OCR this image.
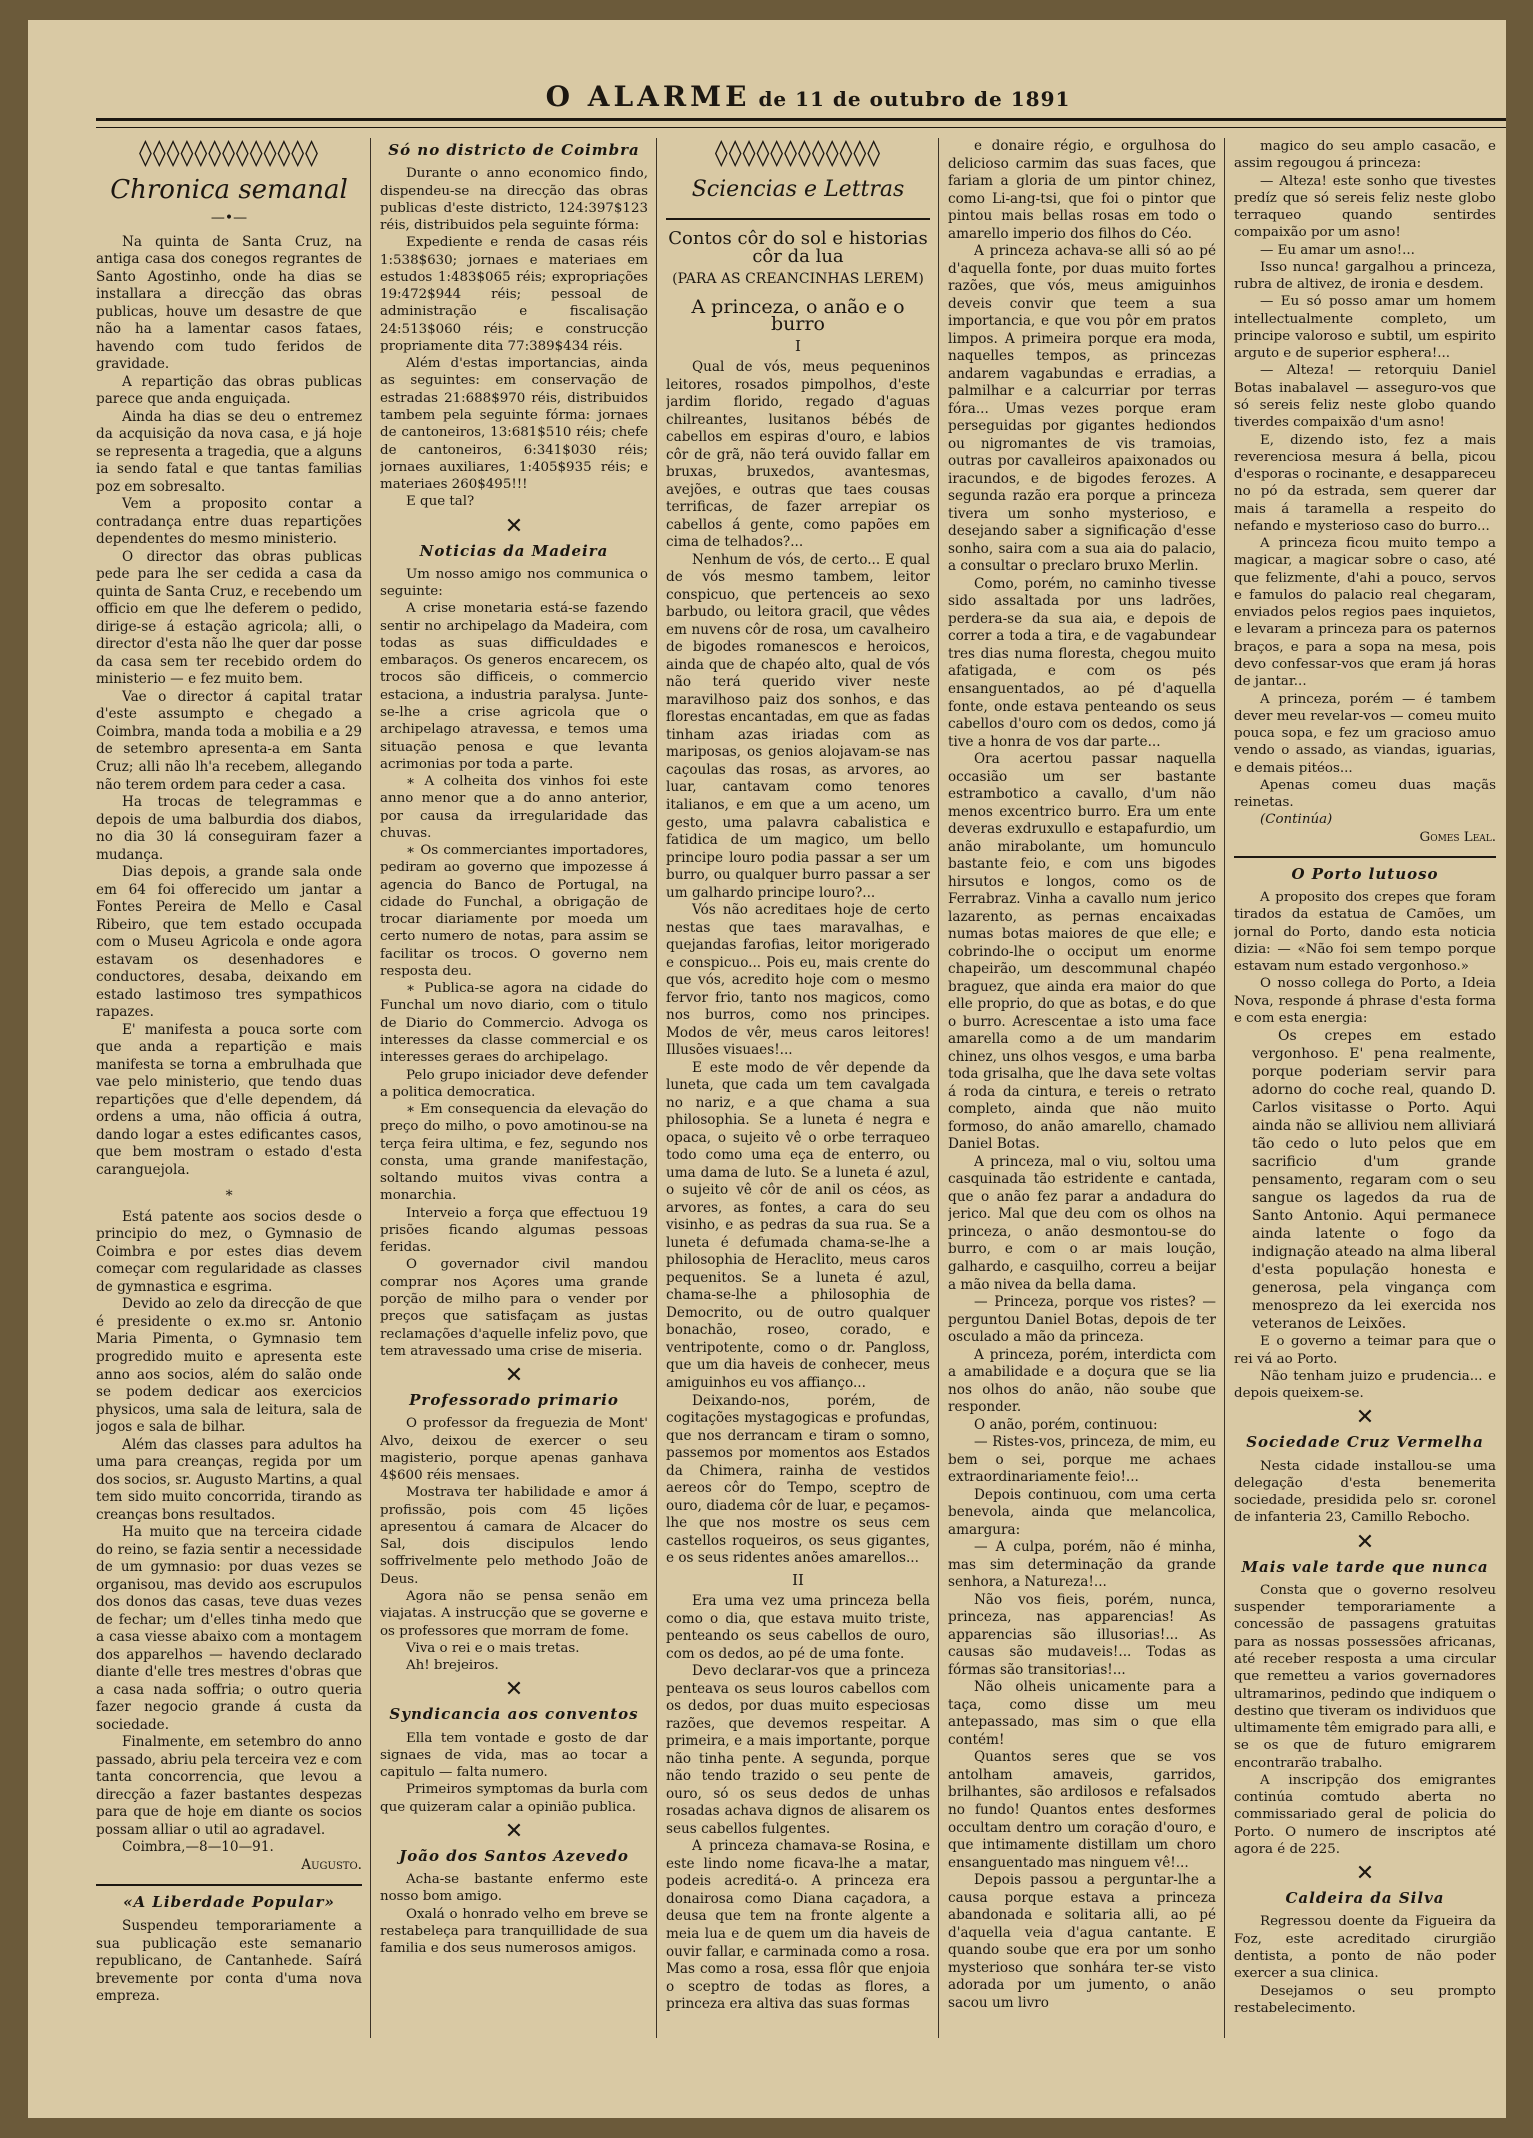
O ALARME de 11 de outubro de 1891
◊◊◊◊◊◊◊◊◊◊◊◊◊
Chronica semanal
—•—

Na quinta de Santa Cruz, na antiga casa dos conegos regrantes de Santo Agostinho, onde ha dias se installara a direcção das obras publicas, houve um desastre de que não ha a lamentar casos fataes, havendo com tudo feridos de gravidade.

A repartição das obras publicas parece que anda enguiçada.

Ainda ha dias se deu o entremez da acquisição da nova casa, e já hoje se representa a tragedia, que a alguns ia sendo fatal e que tantas familias poz em sobresalto.

Vem a proposito contar a contradança entre duas repartições dependentes do mesmo ministerio.

O director das obras publicas pede para lhe ser cedida a casa da quinta de Santa Cruz, e recebendo um officio em que lhe deferem o pedido, dirige-se á estação agricola; alli, o director d'esta não lhe quer dar posse da casa sem ter recebido ordem do ministerio — e fez muito bem.

Vae o director á capital tratar d'este assumpto e chegado a Coimbra, manda toda a mobilia e a 29 de setembro apresenta-a em Santa Cruz; alli não lh'a recebem, allegando não terem ordem para ceder a casa.

Ha trocas de telegrammas e depois de uma balburdia dos diabos, no dia 30 lá conseguiram fazer a mudança.

Dias depois, a grande sala onde em 64 foi offerecido um jantar a Fontes Pereira de Mello e Casal Ribeiro, que tem estado occupada com o Museu Agricola e onde agora estavam os desenhadores e conductores, desaba, deixando em estado lastimoso tres sympathicos rapazes.

E' manifesta a pouca sorte com que anda a repartição e mais manifesta se torna a embrulhada que vae pelo ministerio, que tendo duas repartições que d'elle dependem, dá ordens a uma, não officia á outra, dando logar a estes edificantes casos, que bem mostram o estado d'esta caranguejola.

∗

Está patente aos socios desde o principio do mez, o Gymnasio de Coimbra e por estes dias devem começar com regularidade as classes de gymnastica e esgrima.

Devido ao zelo da direcção de que é presidente o ex.mo sr. Antonio Maria Pimenta, o Gymnasio tem progredido muito e apresenta este anno aos socios, além do salão onde se podem dedicar aos exercicios physicos, uma sala de leitura, sala de jogos e sala de bilhar.

Além das classes para adultos ha uma para creanças, regida por um dos socios, sr. Augusto Martins, a qual tem sido muito concorrida, tirando as creanças bons resultados.

Ha muito que na terceira cidade do reino, se fazia sentir a necessidade de um gymnasio: por duas vezes se organisou, mas devido aos escrupulos dos donos das casas, teve duas vezes de fechar; um d'elles tinha medo que a casa viesse abaixo com a montagem dos apparelhos — havendo declarado diante d'elle tres mestres d'obras que a casa nada soffria; o outro queria fazer negocio grande á custa da sociedade.

Finalmente, em setembro do anno passado, abriu pela terceira vez e com tanta concorrencia, que levou a direcção a fazer bastantes despezas para que de hoje em diante os socios possam alliar o util ao agradavel.

Coimbra,—8—10—91.

Augusto.

«A Liberdade Popular»

Suspendeu temporariamente a sua publicação este semanario republicano, de Cantanhede. Saírá brevemente por conta d'uma nova empreza.

Só no districto de Coimbra

Durante o anno economico findo, dispendeu-se na direcção das obras publicas d'este districto, 124:397$123 réis, distribuidos pela seguinte fórma:

Expediente e renda de casas réis 1:538$630; jornaes e materiaes em estudos 1:483$065 réis; expropriações 19:472$944 réis; pessoal de administração e fiscalisação 24:513$060 réis; e construcção propriamente dita 77:389$434 réis.

Além d'estas importancias, ainda as seguintes: em conservação de estradas 21:688$970 réis, distribuidos tambem pela seguinte fórma: jornaes de cantoneiros, 13:681$510 réis; chefe de cantoneiros, 6:341$030 réis; jornaes auxiliares, 1:405$935 réis; e materiaes 260$495!!!

E que tal?

✕
Noticias da Madeira

Um nosso amigo nos communica o seguinte:

A crise monetaria está-se fazendo sentir no archipelago da Madeira, com todas as suas difficuldades e embaraços. Os generos encarecem, os trocos são difficeis, o commercio estaciona, a industria paralysa. Junte-se-lhe a crise agricola que o archipelago atravessa, e temos uma situação penosa e que levanta acrimonias por toda a parte.

∗ A colheita dos vinhos foi este anno menor que a do anno anterior, por causa da irregularidade das chuvas.

∗ Os commerciantes importadores, pediram ao governo que impozesse á agencia do Banco de Portugal, na cidade do Funchal, a obrigação de trocar diariamente por moeda um certo numero de notas, para assim se facilitar os trocos. O governo nem resposta deu.

∗ Publica-se agora na cidade do Funchal um novo diario, com o titulo de Diario do Commercio. Advoga os interesses da classe commercial e os interesses geraes do archipelago.

Pelo grupo iniciador deve defender a politica democratica.

∗ Em consequencia da elevação do preço do milho, o povo amotinou-se na terça feira ultima, e fez, segundo nos consta, uma grande manifestação, soltando muitos vivas contra a monarchia.

Interveio a força que effectuou 19 prisões ficando algumas pessoas feridas.

O governador civil mandou comprar nos Açores uma grande porção de milho para o vender por preços que satisfaçam as justas reclamações d'aquelle infeliz povo, que tem atravessado uma crise de miseria.

✕
Professorado primario

O professor da freguezia de Mont' Alvo, deixou de exercer o seu magisterio, porque apenas ganhava 4$600 réis mensaes.

Mostrava ter habilidade e amor á profissão, pois com 45 lições apresentou á camara de Alcacer do Sal, dois discipulos lendo soffrivelmente pelo methodo João de Deus.

Agora não se pensa senão em viajatas. A instrucção que se governe e os professores que morram de fome.

Viva o rei e o mais tretas.

Ah! brejeiros.

✕
Syndicancia aos conventos

Ella tem vontade e gosto de dar signaes de vida, mas ao tocar a capitulo — falta numero.

Primeiros symptomas da burla com que quizeram calar a opinião publica.

✕
João dos Santos Azevedo

Acha-se bastante enfermo este nosso bom amigo.

Oxalá o honrado velho em breve se restabeleça para tranquillidade de sua familia e dos seus numerosos amigos.

◊◊◊◊◊◊◊◊◊◊◊◊
Sciencias e Lettras
Contos côr do sol e historias côr da lua
(PARA AS CREANCINHAS LEREM)
A princeza, o anão e o burro
I

Qual de vós, meus pequeninos leitores, rosados pimpolhos, d'este jardim florido, regado d'aguas chilreantes, lusitanos bébés de cabellos em espiras d'ouro, e labios côr de grã, não terá ouvido fallar em bruxas, bruxedos, avantesmas, avejões, e outras que taes cousas terrificas, de fazer arrepiar os cabellos á gente, como papões em cima de telhados?...

Nenhum de vós, de certo... E qual de vós mesmo tambem, leitor conspicuo, que pertenceis ao sexo barbudo, ou leitora gracil, que vêdes em nuvens côr de rosa, um cavalheiro de bigodes romanescos e heroicos, ainda que de chapéo alto, qual de vós não terá querido viver neste maravilhoso paiz dos sonhos, e das florestas encantadas, em que as fadas tinham azas iriadas com as mariposas, os genios alojavam-se nas caçoulas das rosas, as arvores, ao luar, cantavam como tenores italianos, e em que a um aceno, um gesto, uma palavra cabalistica e fatidica de um magico, um bello principe louro podia passar a ser um burro, ou qualquer burro passar a ser um galhardo principe louro?...

Vós não acreditaes hoje de certo nestas que taes maravalhas, e quejandas farofias, leitor morigerado e conspicuo... Pois eu, mais crente do que vós, acredito hoje com o mesmo fervor frio, tanto nos magicos, como nos burros, como nos principes. Modos de vêr, meus caros leitores! Illusões visuaes!...

E este modo de vêr depende da luneta, que cada um tem cavalgada no nariz, e a que chama a sua philosophia. Se a luneta é negra e opaca, o sujeito vê o orbe terraqueo todo como uma eça de enterro, ou uma dama de luto. Se a luneta é azul, o sujeito vê côr de anil os céos, as arvores, as fontes, a cara do seu visinho, e as pedras da sua rua. Se a luneta é defumada chama-se-lhe a philosophia de Heraclito, meus caros pequenitos. Se a luneta é azul, chama-se-lhe a philosophia de Democrito, ou de outro qualquer bonachão, roseo, corado, e ventripotente, como o dr. Pangloss, que um dia haveis de conhecer, meus amiguinhos eu vos affianço...

Deixando-nos, porém, de cogitações mystagogicas e profundas, que nos derrancam e tiram o somno, passemos por momentos aos Estados da Chimera, rainha de vestidos aereos côr do Tempo, sceptro de ouro, diadema côr de luar, e peçamos-lhe que nos mostre os seus cem castellos roqueiros, os seus gigantes, e os seus ridentes anões amarellos...

II

Era uma vez uma princeza bella como o dia, que estava muito triste, penteando os seus cabellos de ouro, com os dedos, ao pé de uma fonte.

Devo declarar-vos que a princeza penteava os seus louros cabellos com os dedos, por duas muito especiosas razões, que devemos respeitar. A primeira, e a mais importante, porque não tinha pente. A segunda, porque não tendo trazido o seu pente de ouro, só os seus dedos de unhas rosadas achava dignos de alisarem os seus cabellos fulgentes.

A princeza chamava-se Rosina, e este lindo nome ficava-lhe a matar, podeis acreditá-o. A princeza era donairosa como Diana caçadora, a deusa que tem na fronte algente a meia lua e de quem um dia haveis de ouvir fallar, e carminada como a rosa. Mas como a rosa, essa flôr que enjoia o sceptro de todas as flores, a princeza era altiva das suas formas

e donaire régio, e orgulhosa do delicioso carmim das suas faces, que fariam a gloria de um pintor chinez, como Li-ang-tsi, que foi o pintor que pintou mais bellas rosas em todo o amarello imperio dos filhos do Céo.

A princeza achava-se alli só ao pé d'aquella fonte, por duas muito fortes razões, que vós, meus amiguinhos deveis convir que teem a sua importancia, e que vou pôr em pratos limpos. A primeira porque era moda, naquelles tempos, as princezas andarem vagabundas e erradias, a palmilhar e a calcurriar por terras fóra... Umas vezes porque eram perseguidas por gigantes hediondos ou nigromantes de vis tramoias, outras por cavalleiros apaixonados ou iracundos, e de bigodes ferozes. A segunda razão era porque a princeza tivera um sonho mysterioso, e desejando saber a significação d'esse sonho, saira com a sua aia do palacio, a consultar o preclaro bruxo Merlin.

Como, porém, no caminho tivesse sido assaltada por uns ladrões, perdera-se da sua aia, e depois de correr a toda a tira, e de vagabundear tres dias numa floresta, chegou muito afatigada, e com os pés ensanguentados, ao pé d'aquella fonte, onde estava penteando os seus cabellos d'ouro com os dedos, como já tive a honra de vos dar parte...

Ora acertou passar naquella occasião um ser bastante estrambotico a cavallo, d'um não menos excentrico burro. Era um ente deveras exdruxullo e estapafurdio, um anão mirabolante, um homunculo bastante feio, e com uns bigodes hirsutos e longos, como os de Ferrabraz. Vinha a cavallo num jerico lazarento, as pernas encaixadas numas botas maiores de que elle; e cobrindo-lhe o occiput um enorme chapeirão, um descommunal chapéo braguez, que ainda era maior do que elle proprio, do que as botas, e do que o burro. Acrescentae a isto uma face amarella como a de um mandarim chinez, uns olhos vesgos, e uma barba toda grisalha, que lhe dava sete voltas á roda da cintura, e tereis o retrato completo, ainda que não muito formoso, do anão amarello, chamado Daniel Botas.

A princeza, mal o viu, soltou uma casquinada tão estridente e cantada, que o anão fez parar a andadura do jerico. Mal que deu com os olhos na princeza, o anão desmontou-se do burro, e com o ar mais loução, galhardo, e casquilho, correu a beijar a mão nivea da bella dama.

— Princeza, porque vos ristes? — perguntou Daniel Botas, depois de ter osculado a mão da princeza.

A princeza, porém, interdicta com a amabilidade e a doçura que se lia nos olhos do anão, não soube que responder.

O anão, porém, continuou:

— Ristes-vos, princeza, de mim, eu bem o sei, porque me achaes extraordinariamente feio!...

Depois continuou, com uma certa benevola, ainda que melancolica, amargura:

— A culpa, porém, não é minha, mas sim determinação da grande senhora, a Natureza!...

Não vos fieis, porém, nunca, princeza, nas apparencias! As apparencias são illusorias!... As causas são mudaveis!... Todas as fórmas são transitorias!...

Não olheis unicamente para a taça, como disse um meu antepassado, mas sim o que ella contém!

Quantos seres que se vos antolham amaveis, garridos, brilhantes, são ardilosos e refalsados no fundo! Quantos entes desformes occultam dentro um coração d'ouro, e que intimamente distillam um choro ensanguentado mas ninguem vê!...

Depois passou a perguntar-lhe a causa porque estava a princeza abandonada e solitaria alli, ao pé d'aquella veia d'agua cantante. E quando soube que era por um sonho mysterioso que sonhára ter-se visto adorada por um jumento, o anão sacou um livro

magico do seu amplo casacão, e assim regougou á princeza:

— Alteza! este sonho que tivestes predíz que só sereis feliz neste globo terraqueo quando sentirdes compaixão por um asno!

— Eu amar um asno!...

Isso nunca! gargalhou a princeza, rubra de altivez, de ironia e desdem.

— Eu só posso amar um homem intellectualmente completo, um principe valoroso e subtil, um espirito arguto e de superior esphera!...

— Alteza! — retorquiu Daniel Botas inabalavel — asseguro-vos que só sereis feliz neste globo quando tiverdes compaixão d'um asno!

E, dizendo isto, fez a mais reverenciosa mesura á bella, picou d'esporas o rocinante, e desappareceu no pó da estrada, sem querer dar mais á taramella a respeito do nefando e mysterioso caso do burro...

A princeza ficou muito tempo a magicar, a magicar sobre o caso, até que felizmente, d'ahi a pouco, servos e famulos do palacio real chegaram, enviados pelos regios paes inquietos, e levaram a princeza para os paternos braços, e para a sopa na mesa, pois devo confessar-vos que eram já horas de jantar...

A princeza, porém — é tambem dever meu revelar-vos — comeu muito pouca sopa, e fez um gracioso amuo vendo o assado, as viandas, iguarias, e demais pitéos...

Apenas comeu duas maçãs reinetas.

(Continúa)

Gomes Leal.

O Porto lutuoso

A proposito dos crepes que foram tirados da estatua de Camões, um jornal do Porto, dando esta noticia dizia: — «Não foi sem tempo porque estavam num estado vergonhoso.»

O nosso collega do Porto, a Ideia Nova, responde á phrase d'esta forma e com esta energia:

Os crepes em estado vergonhoso. E' pena realmente, porque poderiam servir para adorno do coche real, quando D. Carlos visitasse o Porto. Aqui ainda não se alliviou nem alliviará tão cedo o luto pelos que em sacrificio d'um grande pensamento, regaram com o seu sangue os lagedos da rua de Santo Antonio. Aqui permanece ainda latente o fogo da indignação ateado na alma liberal d'esta população honesta e generosa, pela vingança com menosprezo da lei exercida nos veteranos de Leixões.

E o governo a teimar para que o rei vá ao Porto.

Não tenham juizo e prudencia... e depois queixem-se.

✕
Sociedade Cruz Vermelha

Nesta cidade installou-se uma delegação d'esta benemerita sociedade, presidida pelo sr. coronel de infanteria 23, Camillo Rebocho.

✕
Mais vale tarde que nunca

Consta que o governo resolveu suspender temporariamente a concessão de passagens gratuitas para as nossas possessões africanas, até receber resposta a uma circular que remetteu a varios governadores ultramarinos, pedindo que indiquem o destino que tiveram os individuos que ultimamente têm emigrado para alli, e se os que de futuro emigrarem encontrarão trabalho.

A inscripção dos emigrantes continúa comtudo aberta no commissariado geral de policia do Porto. O numero de inscriptos até agora é de 225.

✕
Caldeira da Silva

Regressou doente da Figueira da Foz, este acreditado cirurgião dentista, a ponto de não poder exercer a sua clinica.

Desejamos o seu prompto restabelecimento.
